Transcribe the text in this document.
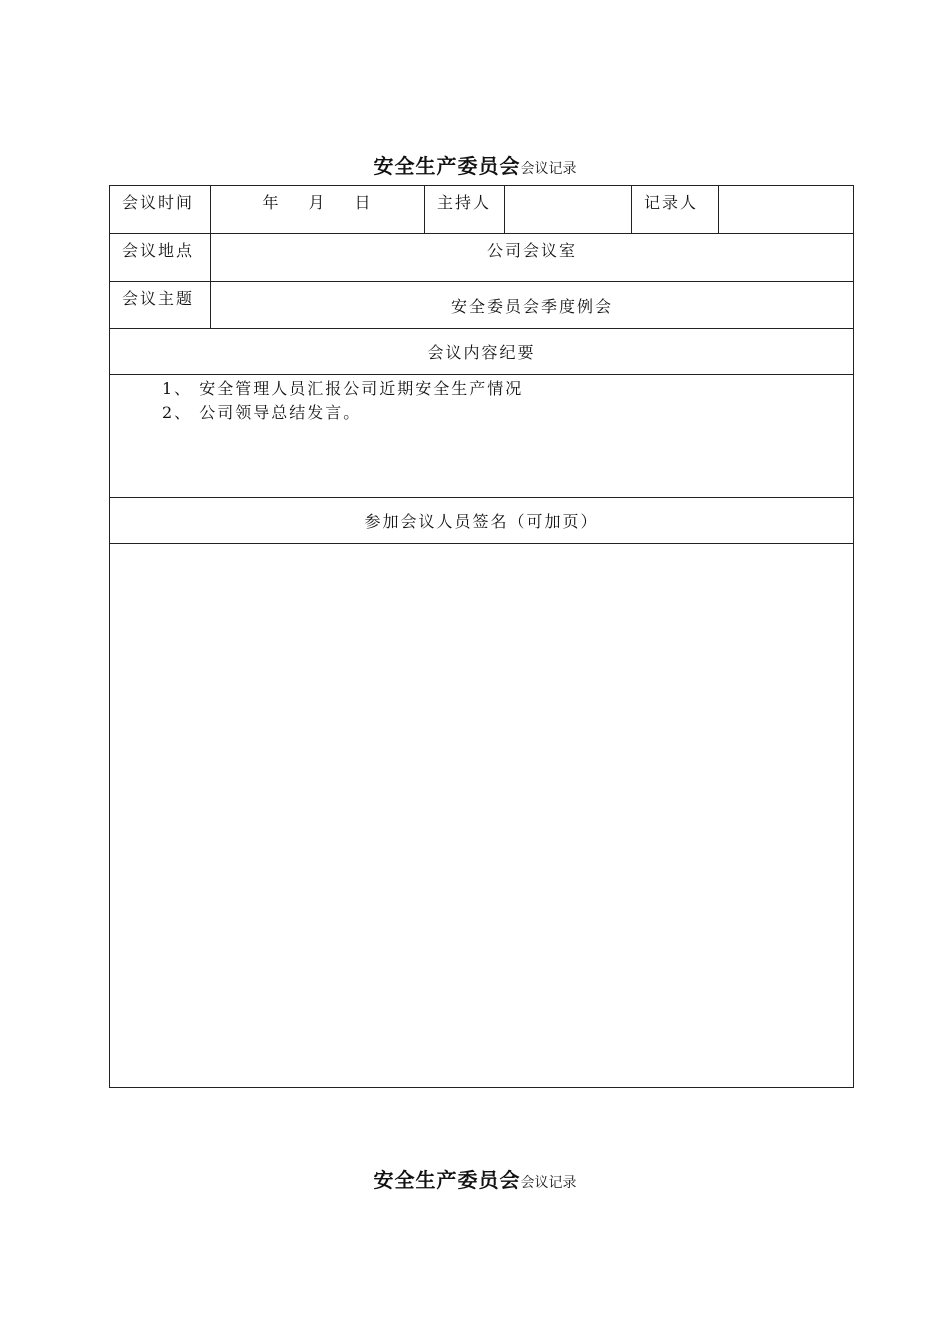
安全生产委员会会议记录
会议时间	年 月 日	主持人		记录人	
会议地点	公司会议室				
会议主题	安全委员会季度例会				
会议内容纪要					

1、 安全管理人员汇报公司近期安全生产情况
2、 公司领导总结发言。					

参加会议人员签名（可加页）					

安全生产委员会会议记录
